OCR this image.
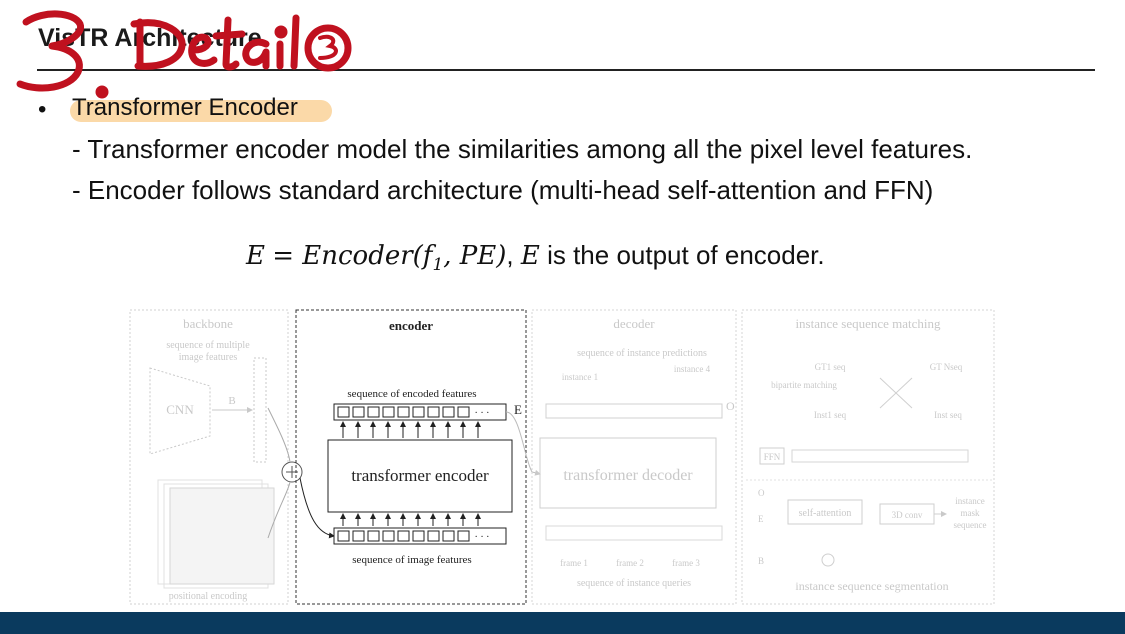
VisTR Architecture
• Transformer Encoder
- Transformer encoder model the similarities among all the pixel level features.
- Encoder follows standard architecture (multi-head self-attention and FFN)
$E = Encoder(f_1$, PE), E is the output of encoder.
backbone
sequence of multiple
image features
CNN
B
positional encoding
encoder
sequence of encoded features
· · · E
transformer encoder
· · ·
sequence of image features
decoder
sequence of instance predictions
instance 1
instance 4
O
transformer decoder
frame 1	frame 2	frame 3
sequence of instance queries
instance sequence matching
GT1 seq	GT Nseq
bipartite matching
Inst1 seq	Inst seq
FFN
O
E
B
self-attention	3D conv
instance
mask
sequence
instance sequence segmentation
